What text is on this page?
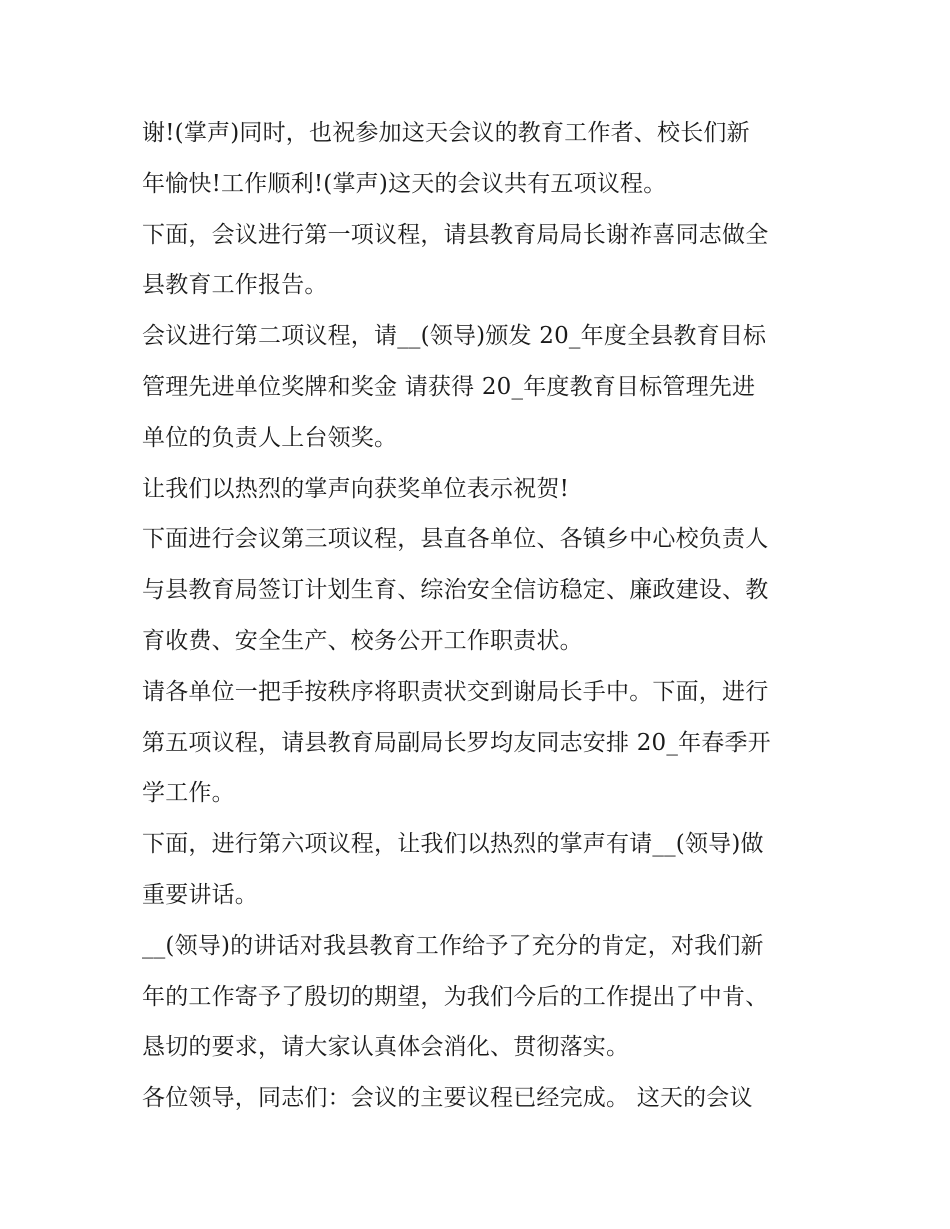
谢!(掌声)同时，也祝参加这天会议的教育工作者、校长们新
年愉快!工作顺利!(掌声)这天的会议共有五项议程。
下面，会议进行第一项议程，请县教育局局长谢祚喜同志做全
县教育工作报告。
会议进行第二项议程，请__(领导)颁发 20_年度全县教育目标
管理先进单位奖牌和奖金 请获得 20_年度教育目标管理先进
单位的负责人上台领奖。
让我们以热烈的掌声向获奖单位表示祝贺!
下面进行会议第三项议程，县直各单位、各镇乡中心校负责人
与县教育局签订计划生育、综治安全信访稳定、廉政建设、教
育收费、安全生产、校务公开工作职责状。
请各单位一把手按秩序将职责状交到谢局长手中。下面，进行
第五项议程，请县教育局副局长罗均友同志安排 20_年春季开
学工作。
下面，进行第六项议程，让我们以热烈的掌声有请__(领导)做
重要讲话。
__(领导)的讲话对我县教育工作给予了充分的肯定，对我们新
年的工作寄予了殷切的期望，为我们今后的工作提出了中肯、
恳切的要求，请大家认真体会消化、贯彻落实。
各位领导，同志们：会议的主要议程已经完成。 这天的会议
